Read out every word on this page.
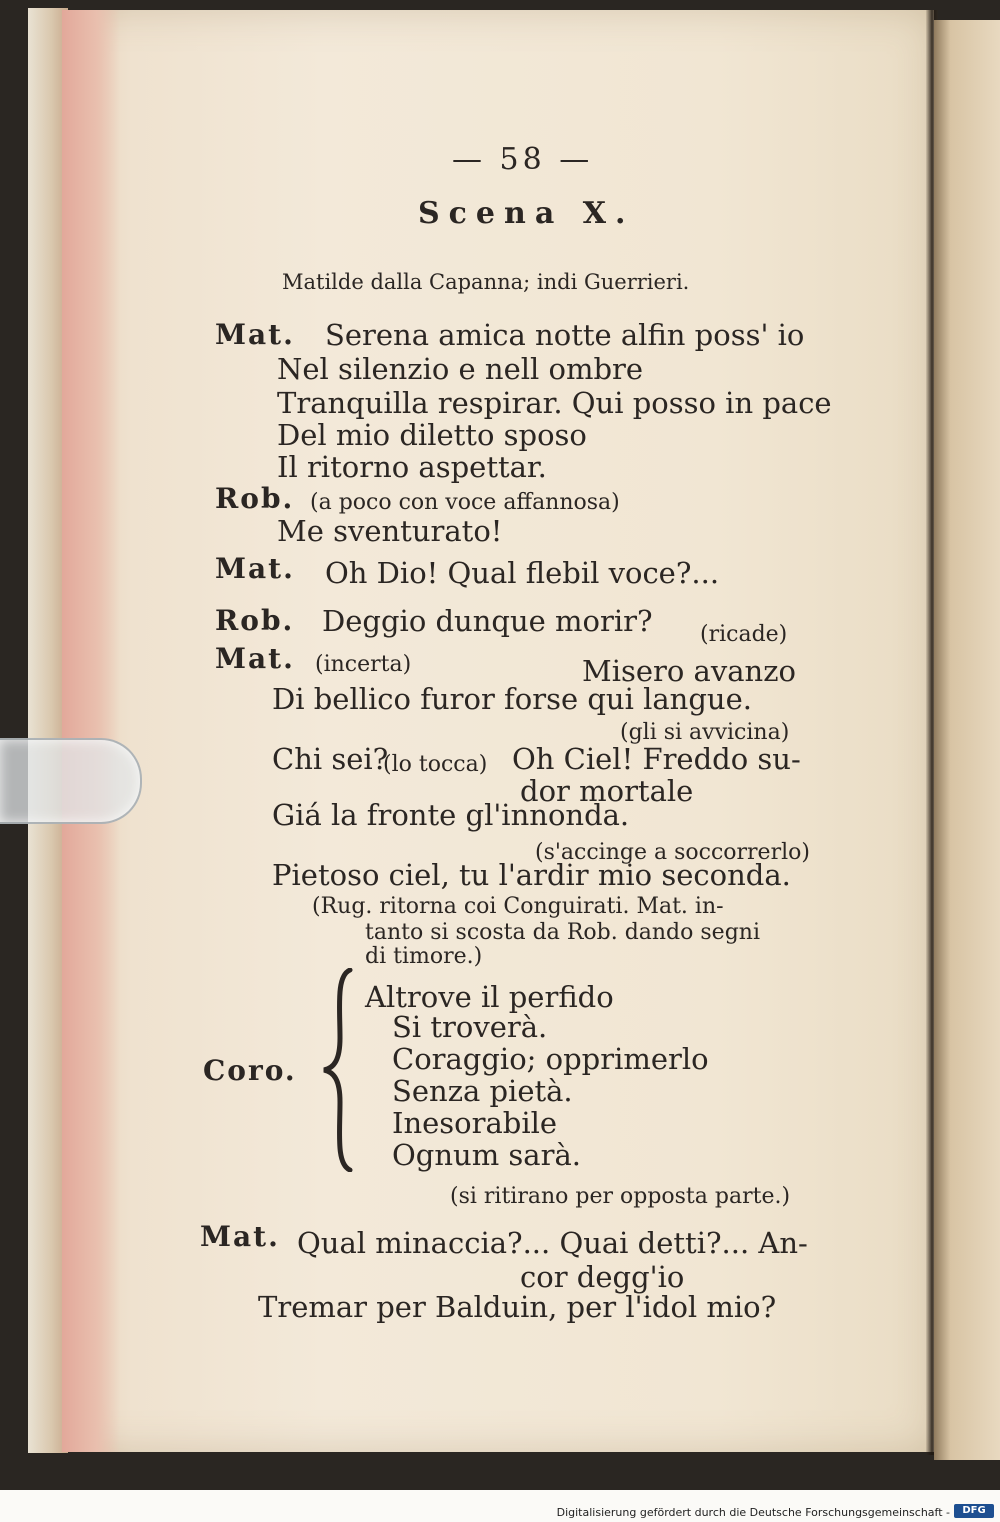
— 58 —
Scena X.
Matilde dalla Capanna; indi Guerrieri.
Mat. Serena amica notte alfin poss' io
Nel silenzio e nell ombre
Tranquilla respirar. Qui posso in pace
Del mio diletto sposo
Il ritorno aspettar.
Rob. (a poco con voce affannosa)
Me sventurato!
Mat. Oh Dio! Qual flebil voce?...
Rob. Deggio dunque morir? (ricade)
Mat. (incerta)	Misero avanzo
Di bellico furor forse qui langue.
(gli si avvicina)
Chi sei?
(lo tocca) Oh Ciel! Freddo su-
dor mortale
Giá la fronte gl'innonda.
(s'accinge a soccorrerlo)
Pietoso ciel, tu l'ardir mio seconda.
(Rug. ritorna coi Conguirati. Mat. in-
tanto si scosta da Rob. dando segni
di timore.)
Coro.
Altrove il perfido
Si troverà.
Coraggio; opprimerlo
Senza pietà.
Inesorabile
Ognum sarà.
(si ritirano per opposta parte.)
Mat. Qual minaccia?... Quai detti?... An-
cor degg'io
Tremar per Balduin, per l'idol mio?
Digitalisierung gefördert durch die Deutsche Forschungsgemeinschaft -	DFG
